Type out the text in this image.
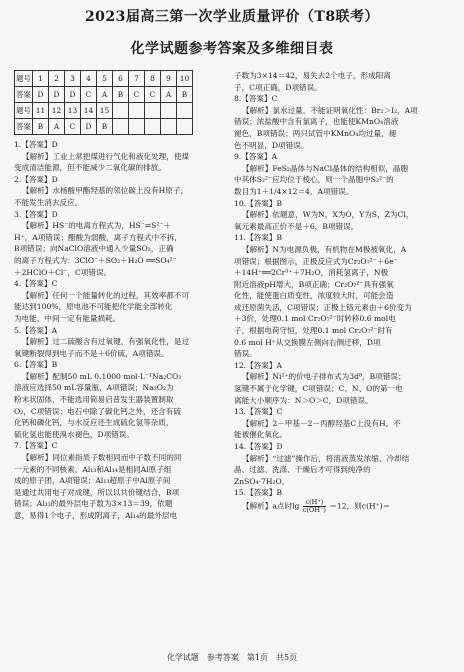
2023届高三第一次学业质量评价（T8联考）
化学试题参考答案及多维细目表
题号	1	2	3	4	5	6	7	8	9	10
答案	D	D	D	C	A	B	C	C	A	B
题号	11	12	13	14	15					
答案	B	A	C	D	B					
1.【答案】D
【解析】工业上常把煤进行气化和液化处理，使煤
变成清洁能源，但不能减少二氧化碳的排放。
2.【答案】D
【解析】水杨酸甲酯羟基的邻位碳上没有H原子，
不能发生消去反应。
3.【答案】D
【解析】HS⁻的电离方程式为，HS⁻⇌S²⁻＋
H⁺，A项错误；醋酸为弱酸，离子方程式中不拆，
B项错误；向NaClO溶液中通入少量SO₂，正确
的离子方程式为：3ClO⁻＋SO₂＋H₂O ══SO₄²⁻
＋2HClO＋Cl⁻，C项错误。
4.【答案】C
【解析】任何一个能量转化的过程，其效率都不可
能达到100%，原电池不可能把化学能全部转化
为电能，中间一定有能量损耗。
5.【答案】A
【解析】过二硫酸含有过氧键，有强氧化性，是过
氧键断裂得到电子而不是＋6价硫，A项错误。
6.【答案】B
【解析】配制50 mL 0.1000 mol·L⁻¹Na₂CO₃
溶液应选择50 mL容量瓶，A项错误；Na₂O₂为
粉末状固体，不能选用简易启普发生器装置制取
O₂，C项错误；电石中除了碳化钙之外，还含有硫
化钙和磷化钙，与水反应还生成硫化氢等杂质，
硫化氢也能使溴水褪色，D项错误。
7.【答案】C
【解析】同位素指质子数相同而中子数不同的同
一元素的不同核素，Al₁₃和Al₁₄是相同Al原子组
成的原子团，A项错误；Al₁₃超原子中Al原子间
是通过共用电子对成键，所以以共价键结合，B项
错误；Al₁₃的最外层电子数为3×13＝39，依题
意，易得1个电子，形成阴离子，Al₁₄的最外层电
子数为3×14＝42，易失去2个电子，形成阳离
子，C项正确，D项错误。
8.【答案】C
【解析】氯水过量，不能证明氧化性：Br₂＞I₂，A项
错误；浓盐酸中含有氯离子，也能使KMnO₄溶液
褪色，B项错误；两只试管中KMnO₄均过量，褪
色不明显，D项错误。
9.【答案】A
【解析】FeS₂晶体与NaCl晶体的结构相似，晶胞
中其体S₂²⁻应均位于棱心，则一个晶胞中S₂²⁻的
数目为1＋1/4×12＝4，A项错误。
10.【答案】B
【解析】依题意，W为N，X为O，Y为S，Z为Cl，
氧元素最高正价不是＋6，B项错误。
11.【答案】B
【解析】N为电源负极，有机物在M极被氧化，A
项错误；根据图示，正极反应式为Cr₂O₇²⁻＋6e⁻
＋14H⁺══2Cr³⁺＋7H₂O，消耗氢离子，N极
附近溶液pH增大，B项正确；Cr₂O₇²⁻具有强氧
化性，能使蛋白质变性，浓度较大时，可能会造
成还原菌失活，C项错误；正极上铬元素由＋6价变为
＋3价，处理0.1 mol Cr₂O₇²⁻时转移0.6 mol电
子，根据电荷守恒，处理0.1 mol Cr₂O₇²⁻时有
0.6 mol H⁺从交换膜左侧向右侧迁移，D项
错误。
12.【答案】A
【解析】Ni²⁺的价电子排布式为3d⁸，B项错误；
氢键不属于化学键，C项错误；C、N、O的第一电
离能大小顺序为：N＞O＞C，D项错误。
13.【答案】C
【解析】2－甲基－2－丙醇羟基C上没有H，不
能被催化氧化。
14.【答案】D
【解析】“过滤”操作后，将溶液蒸发浓缩、冷却结
晶、过滤、洗涤、干燥后才可得到纯净的
ZnSO₄·7H₂O。
15.【答案】B
【解析】a点时$\lg \frac{c(H^+)}{c(OH^-)} =12$，则c(H⁺)＝
化学试题　参考答案　第1页　共5页
